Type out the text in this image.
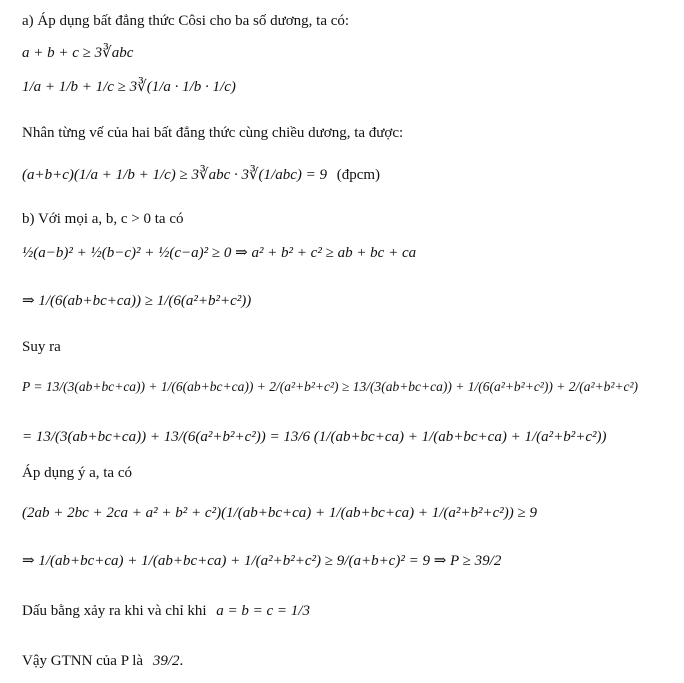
a) Áp dụng bất đẳng thức Côsi cho ba số dương, ta có:
a + b + c ≥ 3∛abc
1/a + 1/b + 1/c ≥ 3∛(1/a · 1/b · 1/c)
Nhân từng vế của hai bất đẳng thức cùng chiều dương, ta được:
(a+b+c)(1/a + 1/b + 1/c) ≥ 3∛abc · 3∛(1/abc) = 9 (đpcm)
b) Với mọi a, b, c > 0 ta có
½(a−b)² + ½(b−c)² + ½(c−a)² ≥ 0 ⇒ a² + b² + c² ≥ ab + bc + ca
⇒ 1/(6(ab+bc+ca)) ≥ 1/(6(a²+b²+c²))
Suy ra
P = 13/(3(ab+bc+ca)) + 1/(6(ab+bc+ca)) + 2/(a²+b²+c²) ≥ 13/(3(ab+bc+ca)) + 1/(6(a²+b²+c²)) + 2/(a²+b²+c²)
= 13/(3(ab+bc+ca)) + 13/(6(a²+b²+c²)) = 13/6 (1/(ab+bc+ca) + 1/(ab+bc+ca) + 1/(a²+b²+c²))
Áp dụng ý a, ta có
(2ab + 2bc + 2ca + a² + b² + c²)(1/(ab+bc+ca) + 1/(ab+bc+ca) + 1/(a²+b²+c²)) ≥ 9
⇒ 1/(ab+bc+ca) + 1/(ab+bc+ca) + 1/(a²+b²+c²) ≥ 9/(a+b+c)² = 9 ⇒ P ≥ 39/2
Dấu bằng xảy ra khi và chỉ khi a = b = c = 1/3
Vậy GTNN của P là 39/2.
